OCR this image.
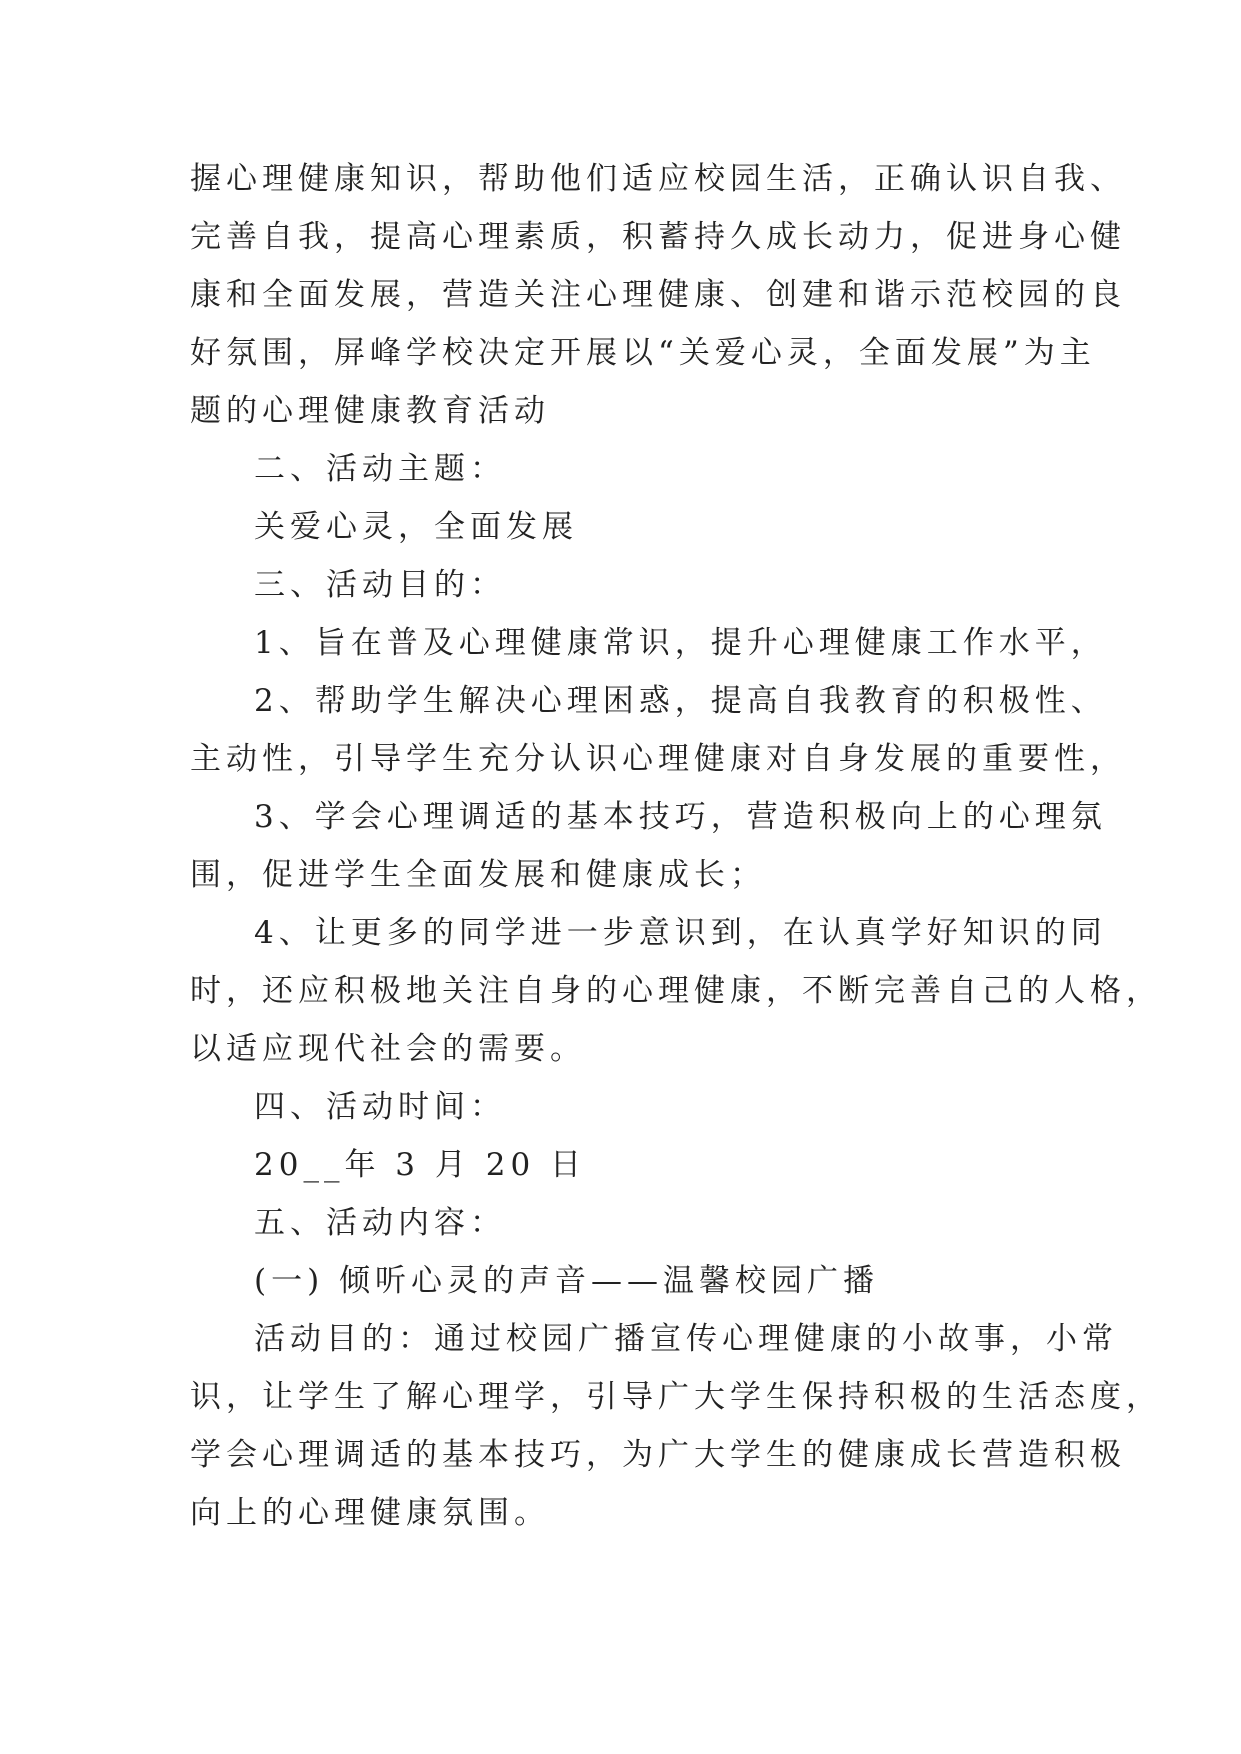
握心理健康知识，帮助他们适应校园生活，正确认识自我、
完善自我，提高心理素质，积蓄持久成长动力，促进身心健
康和全面发展，营造关注心理健康、创建和谐示范校园的良
好氛围，屏峰学校决定开展以“关爱心灵，全面发展”为主
题的心理健康教育活动

二、活动主题：

关爱心灵，全面发展

三、活动目的：

1、旨在普及心理健康常识，提升心理健康工作水平，

2、帮助学生解决心理困惑，提高自我教育的积极性、
主动性，引导学生充分认识心理健康对自身发展的重要性，

3、学会心理调适的基本技巧，营造积极向上的心理氛
围，促进学生全面发展和健康成长；

4、让更多的同学进一步意识到，在认真学好知识的同
时，还应积极地关注自身的心理健康，不断完善自己的人格，
以适应现代社会的需要。

四、活动时间：

20__年 3 月 20 日

五、活动内容：

(一) 倾听心灵的声音——温馨校园广播

活动目的：通过校园广播宣传心理健康的小故事，小常
识，让学生了解心理学，引导广大学生保持积极的生活态度，
学会心理调适的基本技巧，为广大学生的健康成长营造积极
向上的心理健康氛围。
